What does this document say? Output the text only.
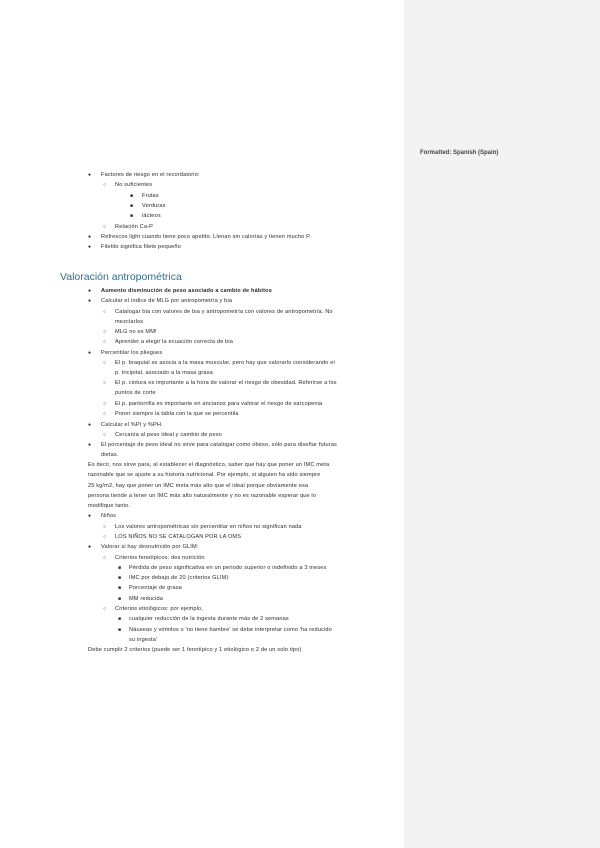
● Factores de riesgo en el recordatorio:
○ No suficientes
■ Frutas
■ Verduras
■ lácteos
○ Relación Ca-P
● Refrescos light cuando tiene poco apetito. Llenan sin calorías y tienen mucho P.
● Filetito significa filete pequeño
Valoración antropométrica
● Aumento disminución de peso asociado a cambio de hábitos
● Calcular el índice de MLG por antropometría y bia
○ Catalogar bia con valores de bia y antropometría con valores de antropometría. No
mezclarlos
○ MLG no es MM!
○ Aprender a elegir la ecuación correcta de bia
● Percentilar los pliegues
○ El p. braquial se asocia a la masa muscular, pero hay que valorarlo considerando el
p. tricipital, asociado a la masa grasa
○ El p. cintura es importante a la hora de valorar el riesgo de obesidad. Referirse a los
puntos de corte
○ El p. pantorrilla es importante en ancianos para valorar el riesgo de sarcopenia
○ Poner siempre la tabla con la que se percentila
● Calcular el %PI y %PH.
○ Cercanía al peso ideal y cambio de peso
● El porcentaje de peso ideal no sirve para catalogar como obeso, sólo para diseñar futuras
dietas.
Es decir, nos sirve para, al establecer el diagnóstico, saber que hay que poner un IMC meta
razonable que se ajuste a su historia nutricional. Por ejemplo, si alguien ha sido siempre
25 kg/m2, hay que poner un IMC meta más alto que el ideal porque obviamente esa
persona tiende a tener un IMC más alto naturalmente y no es razonable esperar que lo
modifique tanto.
● Niños
○ Los valores antropométricas sin percentilar en niños no significan nada
○ LOS NIÑOS NO SE CATALOGAN POR LA OMS
● Valorar si hay desnutrición por GLIM:
○ Criterios fenotípicos: des nutrición
■ Pérdida de peso significativa en un periodo superior o indefinido a 3 meses
■ IMC por debajo de 20 (criterios GLIM)
■ Porcentaje de grasa
■ MM reducida
○ Criterios etiológicos: por ejemplo,
■ cualquier reducción de la ingesta durante más de 2 semanas
■ Náuseas y vómitos o 'no tiene hambre' se debe interpretar como 'ha reducido
su ingesta'
Debe cumplir 2 criterios (puede ser 1 fenotípico y 1 etiológico o 2 de un solo tipo)
Formatted: Spanish (Spain)
